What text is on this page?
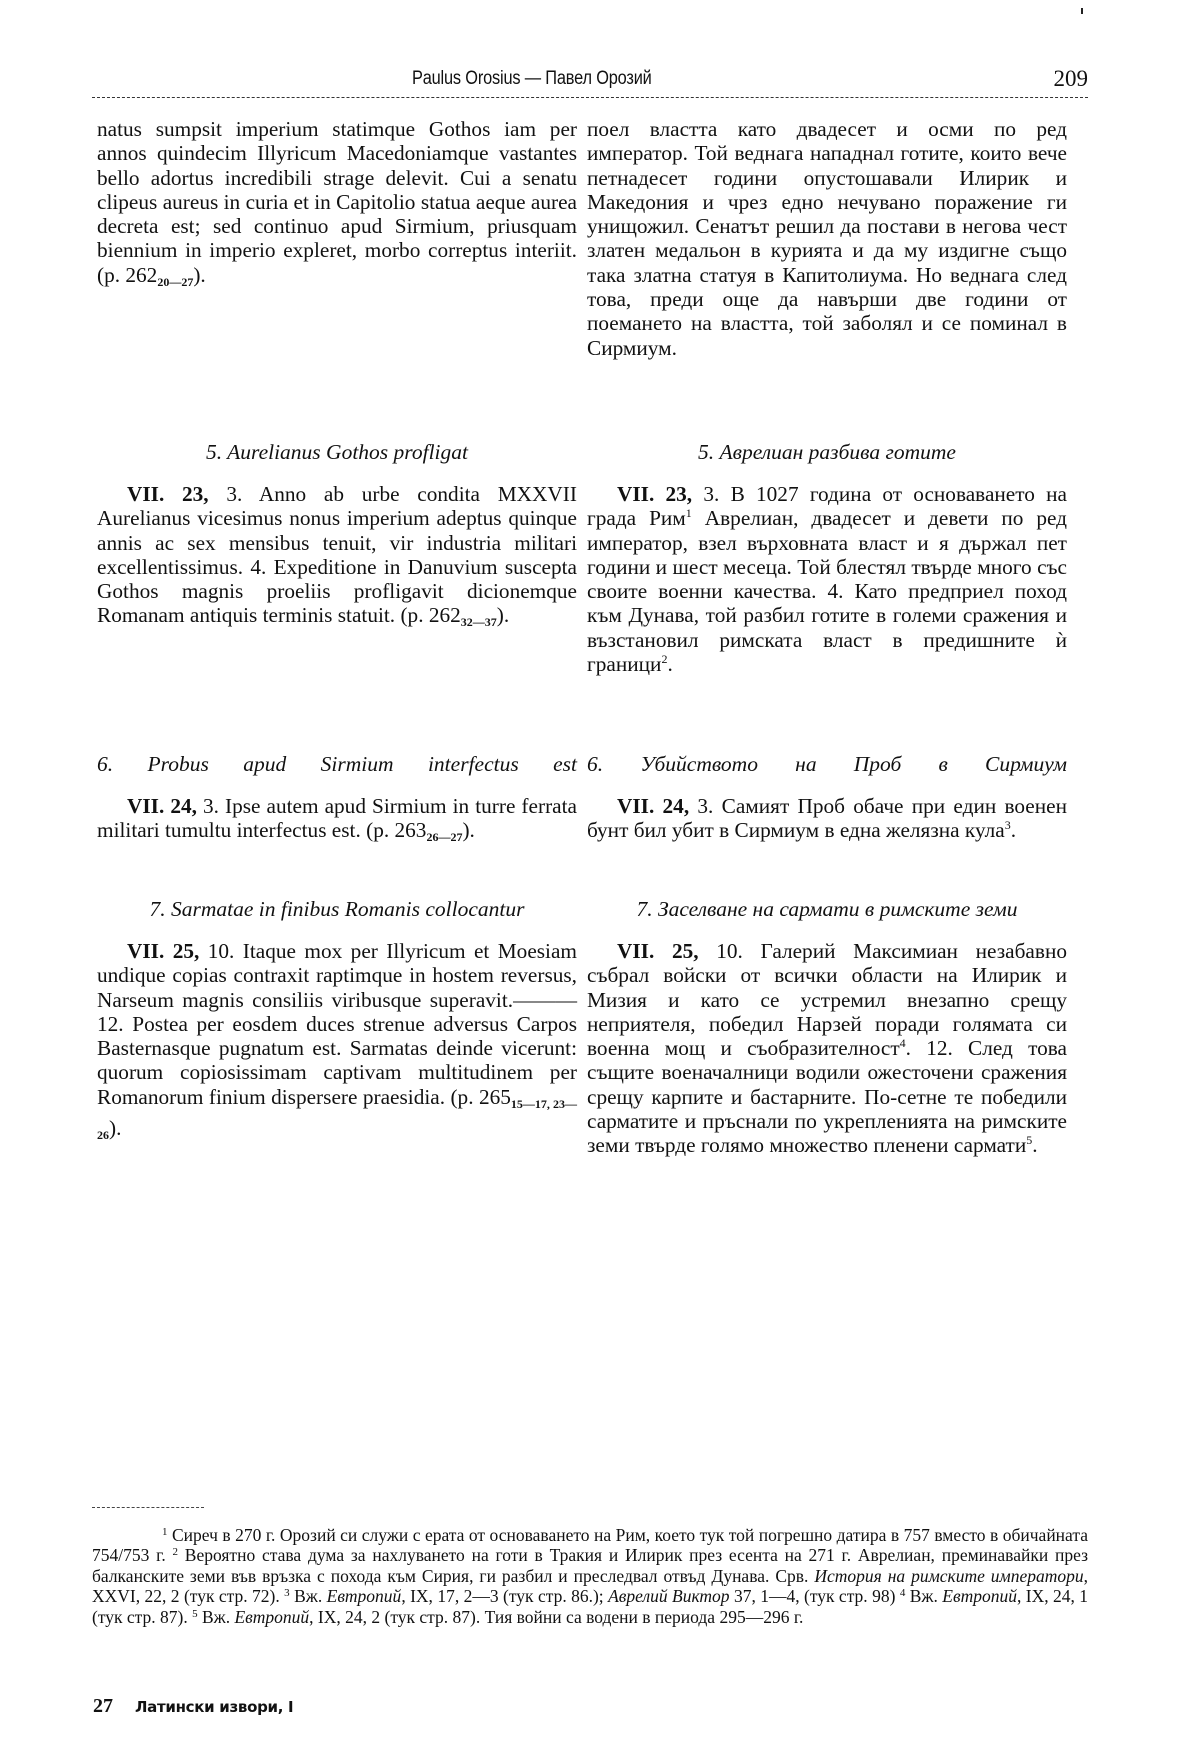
Paulus Orosius — Павел Орозий	209

natus sumpsit imperium statimque Gothos iam per annos quindecim Illyricum Macedoniamque vastantes bello adortus incredibili strage delevit. Cui a senatu clipeus aureus in curia et in Capitolio statua aeque aurea decreta est; sed continuo apud Sirmium, priusquam biennium in imperio expleret, morbo correptus interiit. (p. $262_{20—27}$).

5. Aurelianus Gothos profligat

VII. 23, 3. Anno ab urbe condita MXXVII Aurelianus vicesimus nonus imperium adeptus quinque annis ac sex mensibus tenuit, vir industria militari excellentissimus. 4. Expeditione in Danuvium suscepta Gothos magnis proeliis profligavit dicionemque Romanam antiquis terminis statuit. (p. $262_{32—37}$).

6. Probus apud Sirmium interfectus est

VII. 24, 3. Ipse autem apud Sirmium in turre ferrata militari tumultu interfectus est. (p. $263_{26—27}$).

7. Sarmatae in finibus Romanis collocantur

VII. 25, 10. Itaque mox per Illyricum et Moesiam undique copias contraxit raptimque in hostem reversus, Narseum magnis consiliis viribusque superavit.——— 12. Postea per eosdem duces strenue adversus Carpos Basternasque pugnatum est. Sarmatas deinde vicerunt: quorum copiosissimam captivam multitudinem per Romanorum finium dispersere praesidia. (p. $265_{15—17, 23—26}$).

поел властта като двадесет и осми по ред император. Той веднага нападнал готите, които вече петнадесет години опустошавали Илирик и Македония и чрез едно нечувано поражение ги унищожил. Сенатът решил да постави в негова чест златен медальон в курията и да му издигне също така златна статуя в Капитолиума. Но веднага след това, преди още да навърши две години от поемането на властта, той заболял и се поминал в Сирмиум.

5. Аврелиан разбива готите

VII. 23, 3. В 1027 година от основаването на града Рим$^1$ Аврелиан, двадесет и девети по ред император, взел върховната власт и я държал пет години и шест месеца. Той блестял твърде много със своите военни качества. 4. Като предприел поход към Дунава, той разбил готите в големи сражения и възстановил римската власт в предишните ѝ граници$^2$.

6. Убийството на Проб в Сирмиум

VII. 24, 3. Самият Проб обаче при един военен бунт бил убит в Сирмиум в една желязна кула$^3$.

7. Заселване на сармати в римските земи

VII. 25, 10. Галерий Максимиан незабавно събрал войски от всички области на Илирик и Мизия и като се устремил внезапно срещу неприятеля, победил Нарзей поради голямата си военна мощ и съобразителност$^4$. 12. След това същите военачалници водили ожесточени сражения срещу карпите и бастарните. По-сетне те победили сарматите и пръснали по укрепленията на римските земи твърде голямо множество пленени сармати$^5$.

$^1$ Сиреч в 270 г. Орозий си служи с ерата от основаването на Рим, което тук той погрешно датира в 757 вместо в обичайната 754/753 г. $^2$ Вероятно става дума за нахлуването на готи в Тракия и Илирик през есента на 271 г. Аврелиан, преминавайки през балканските земи във връзка с похода към Сирия, ги разбил и преследвал отвъд Дунава. Срв. История на римските императори, XXVI, 22, 2 (тук стр. 72). $^3$ Вж. Евтропий, IX, 17, 2—3 (тук стр. 86.); Аврелий Виктор 37, 1—4, (тук стр. 98) $^4$ Вж. Евтропий, IX, 24, 1 (тук стр. 87). $^5$ Вж. Евтропий, IX, 24, 2 (тук стр. 87). Тия войни са водени в периода 295—296 г.

27 Латински извори, I
